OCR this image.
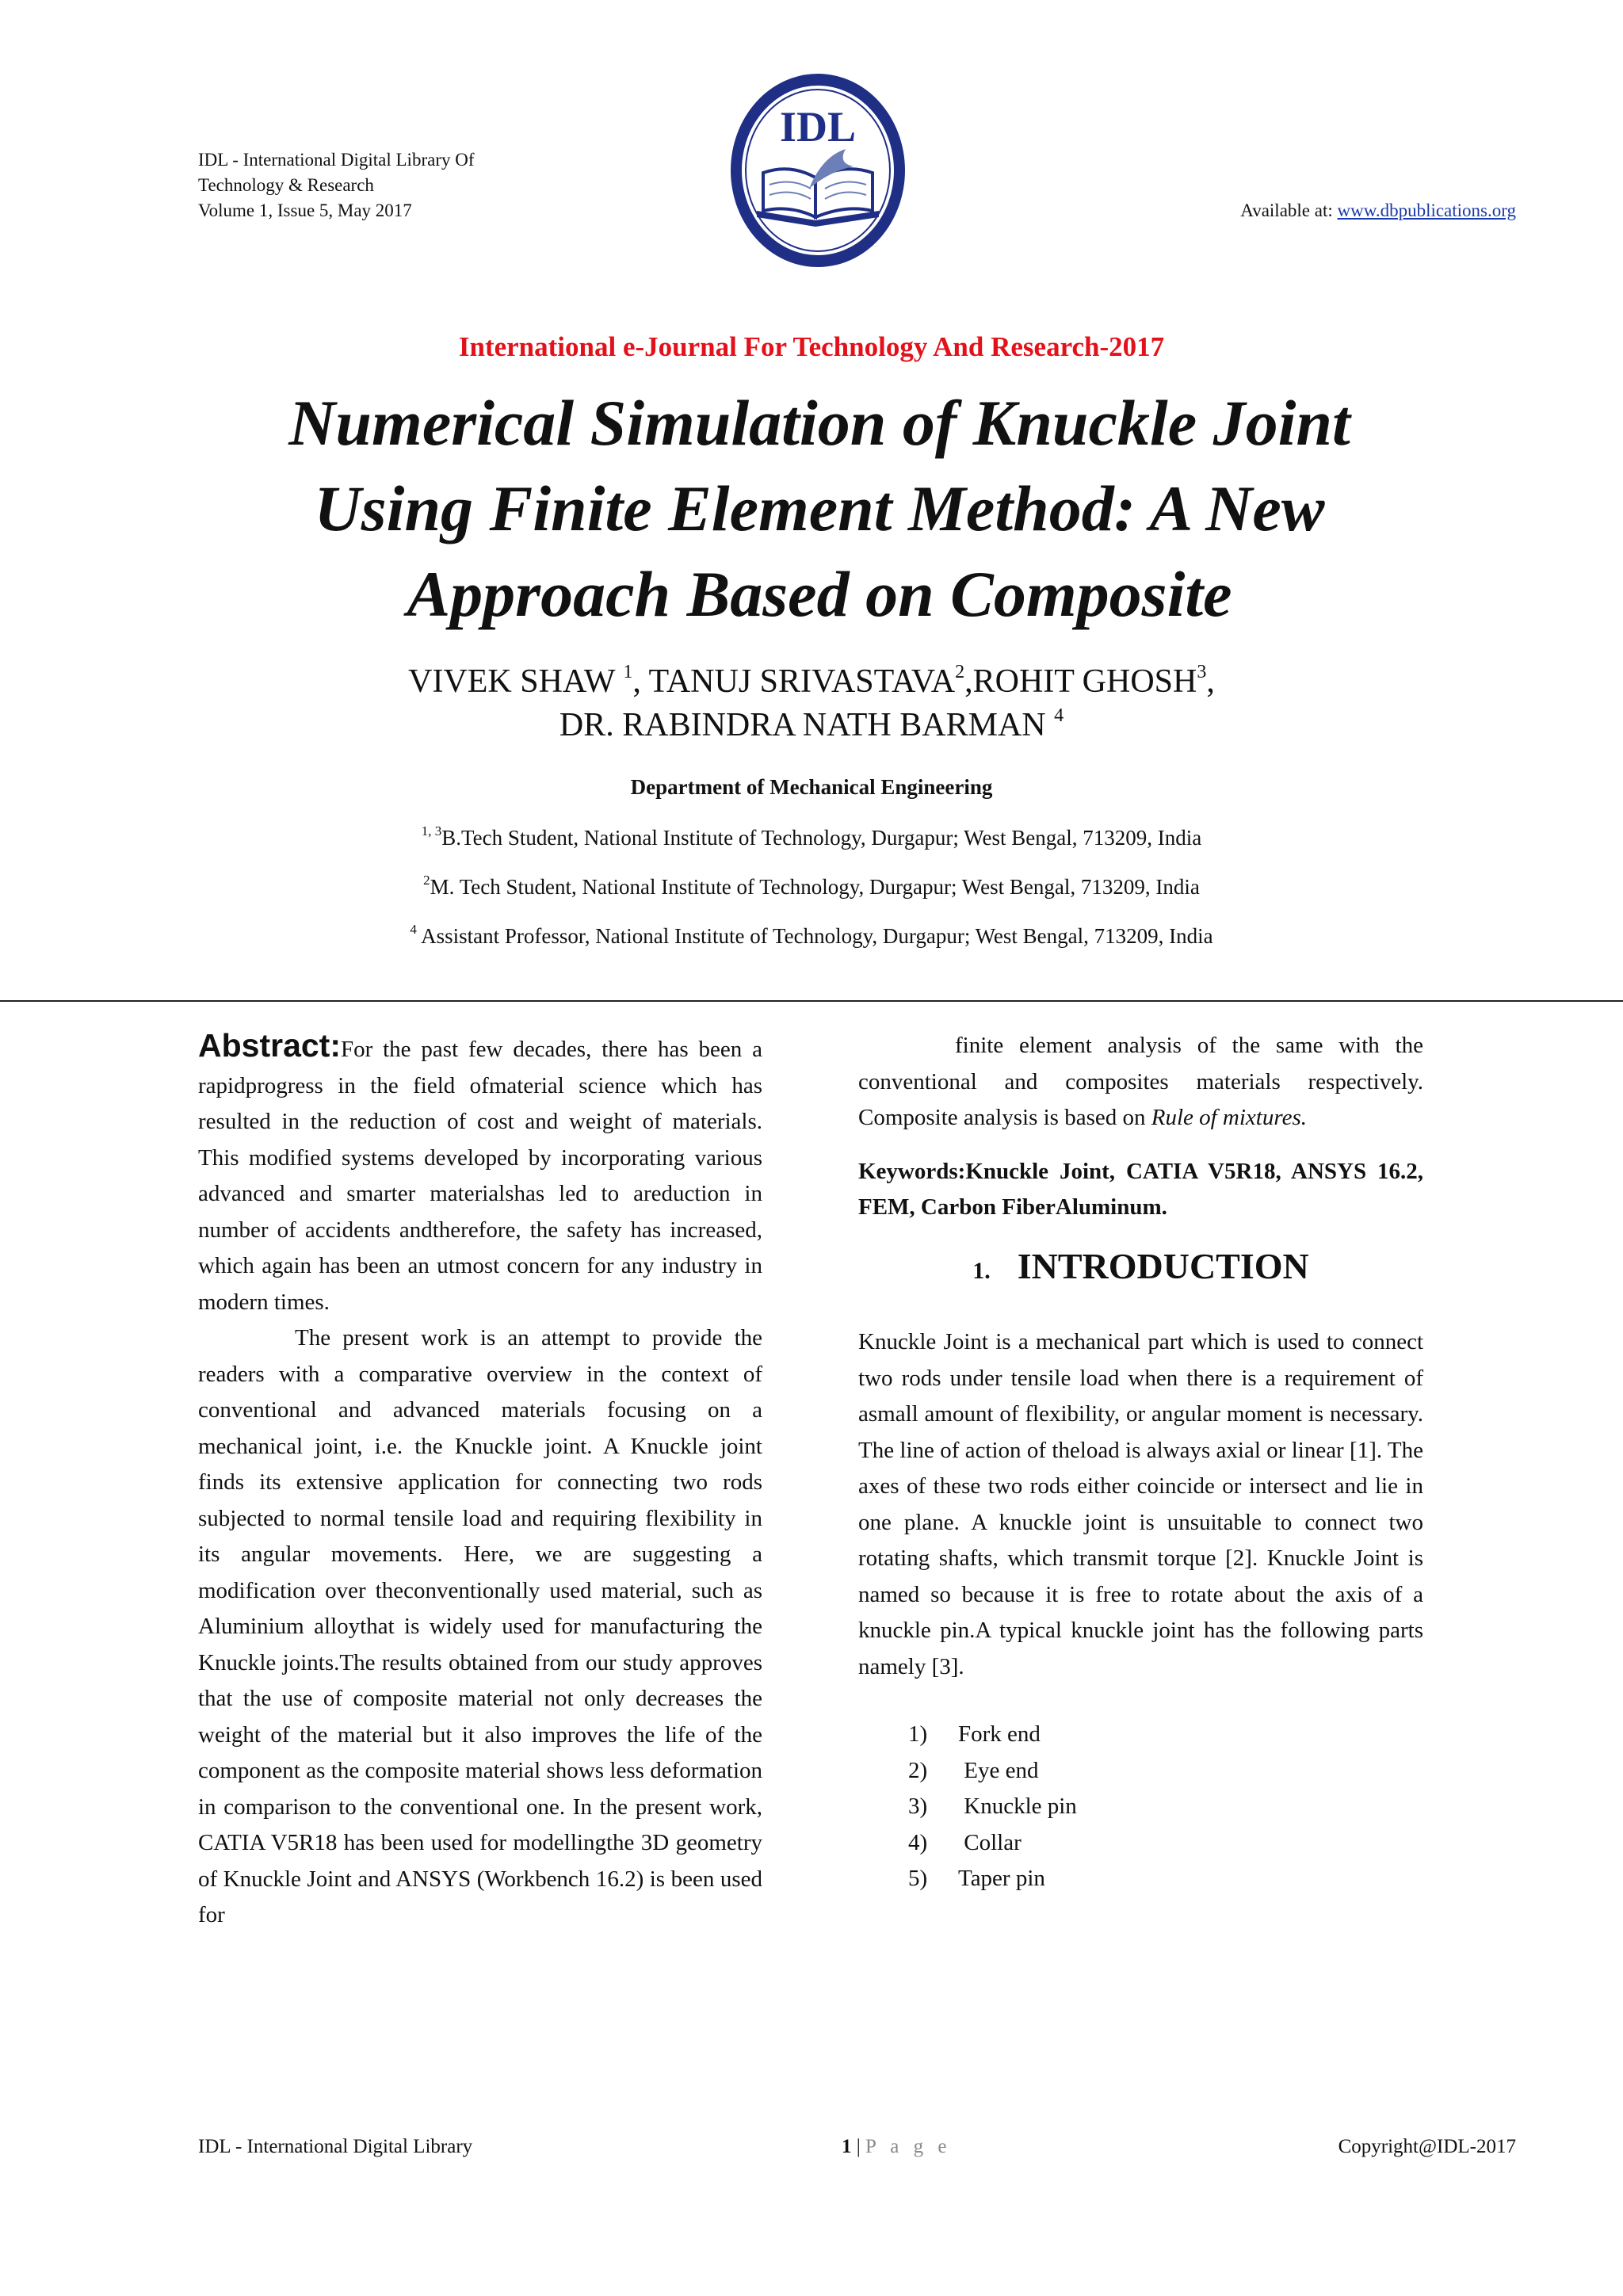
IDL - International Digital Library Of
Technology & Research
Volume 1, Issue 5, May 2017
IDL
Available at: www.dbpublications.org
International e-Journal For Technology And Research-2017
Numerical Simulation of Knuckle Joint
Using Finite Element Method: A New
Approach Based on Composite
VIVEK SHAW $^1$, TANUJ SRIVASTAVA$^2$,ROHIT GHOSH$^3$,
DR. RABINDRA NATH BARMAN $^4$
Department of Mechanical Engineering
$^{1, 3}$B.Tech Student, National Institute of Technology, Durgapur; West Bengal, 713209, India
$^2$M. Tech Student, National Institute of Technology, Durgapur; West Bengal, 713209, India
$^4$ Assistant Professor, National Institute of Technology, Durgapur; West Bengal, 713209, India

Abstract:For the past few decades, there has been a rapidprogress in the field ofmaterial science which has resulted in the reduction of cost and weight of materials. This modified systems developed by incorporating various advanced and smarter materialshas led to areduction in number of accidents andtherefore, the safety has increased, which again has been an utmost concern for any industry in modern times.

The present work is an attempt to provide the readers with a comparative overview in the context of conventional and advanced materials focusing on a mechanical joint, i.e. the Knuckle joint. A Knuckle joint finds its extensive application for connecting two rods subjected to normal tensile load and requiring flexibility in its angular movements. Here, we are suggesting a modification over theconventionally used material, such as Aluminium alloythat is widely used for manufacturing the Knuckle joints.The results obtained from our study approves that the use of composite material not only decreases the weight of the material but it also improves the life of the component as the composite material shows less deformation in comparison to the conventional one. In the present work, CATIA V5R18 has been used for modellingthe 3D geometry of Knuckle Joint and ANSYS (Workbench 16.2) is been used for

finite element analysis of the same with the conventional and composites materials respectively. Composite analysis is based on Rule of mixtures.

Keywords:Knuckle Joint, CATIA V5R18, ANSYS 16.2, FEM, Carbon FiberAluminum.

1. INTRODUCTION

Knuckle Joint is a mechanical part which is used to connect two rods under tensile load when there is a requirement of asmall amount of flexibility, or angular moment is necessary. The line of action of theload is always axial or linear [1]. The axes of these two rods either coincide or intersect and lie in one plane. A knuckle joint is unsuitable to connect two rotating shafts, which transmit torque [2]. Knuckle Joint is named so because it is free to rotate about the axis of a knuckle pin.A typical knuckle joint has the following parts namely [3].

1)	Fork end
2)	Eye end
3)	Knuckle pin
4)	Collar
5)	Taper pin
IDL - International Digital Library	1 | P a g e	Copyright@IDL-2017
